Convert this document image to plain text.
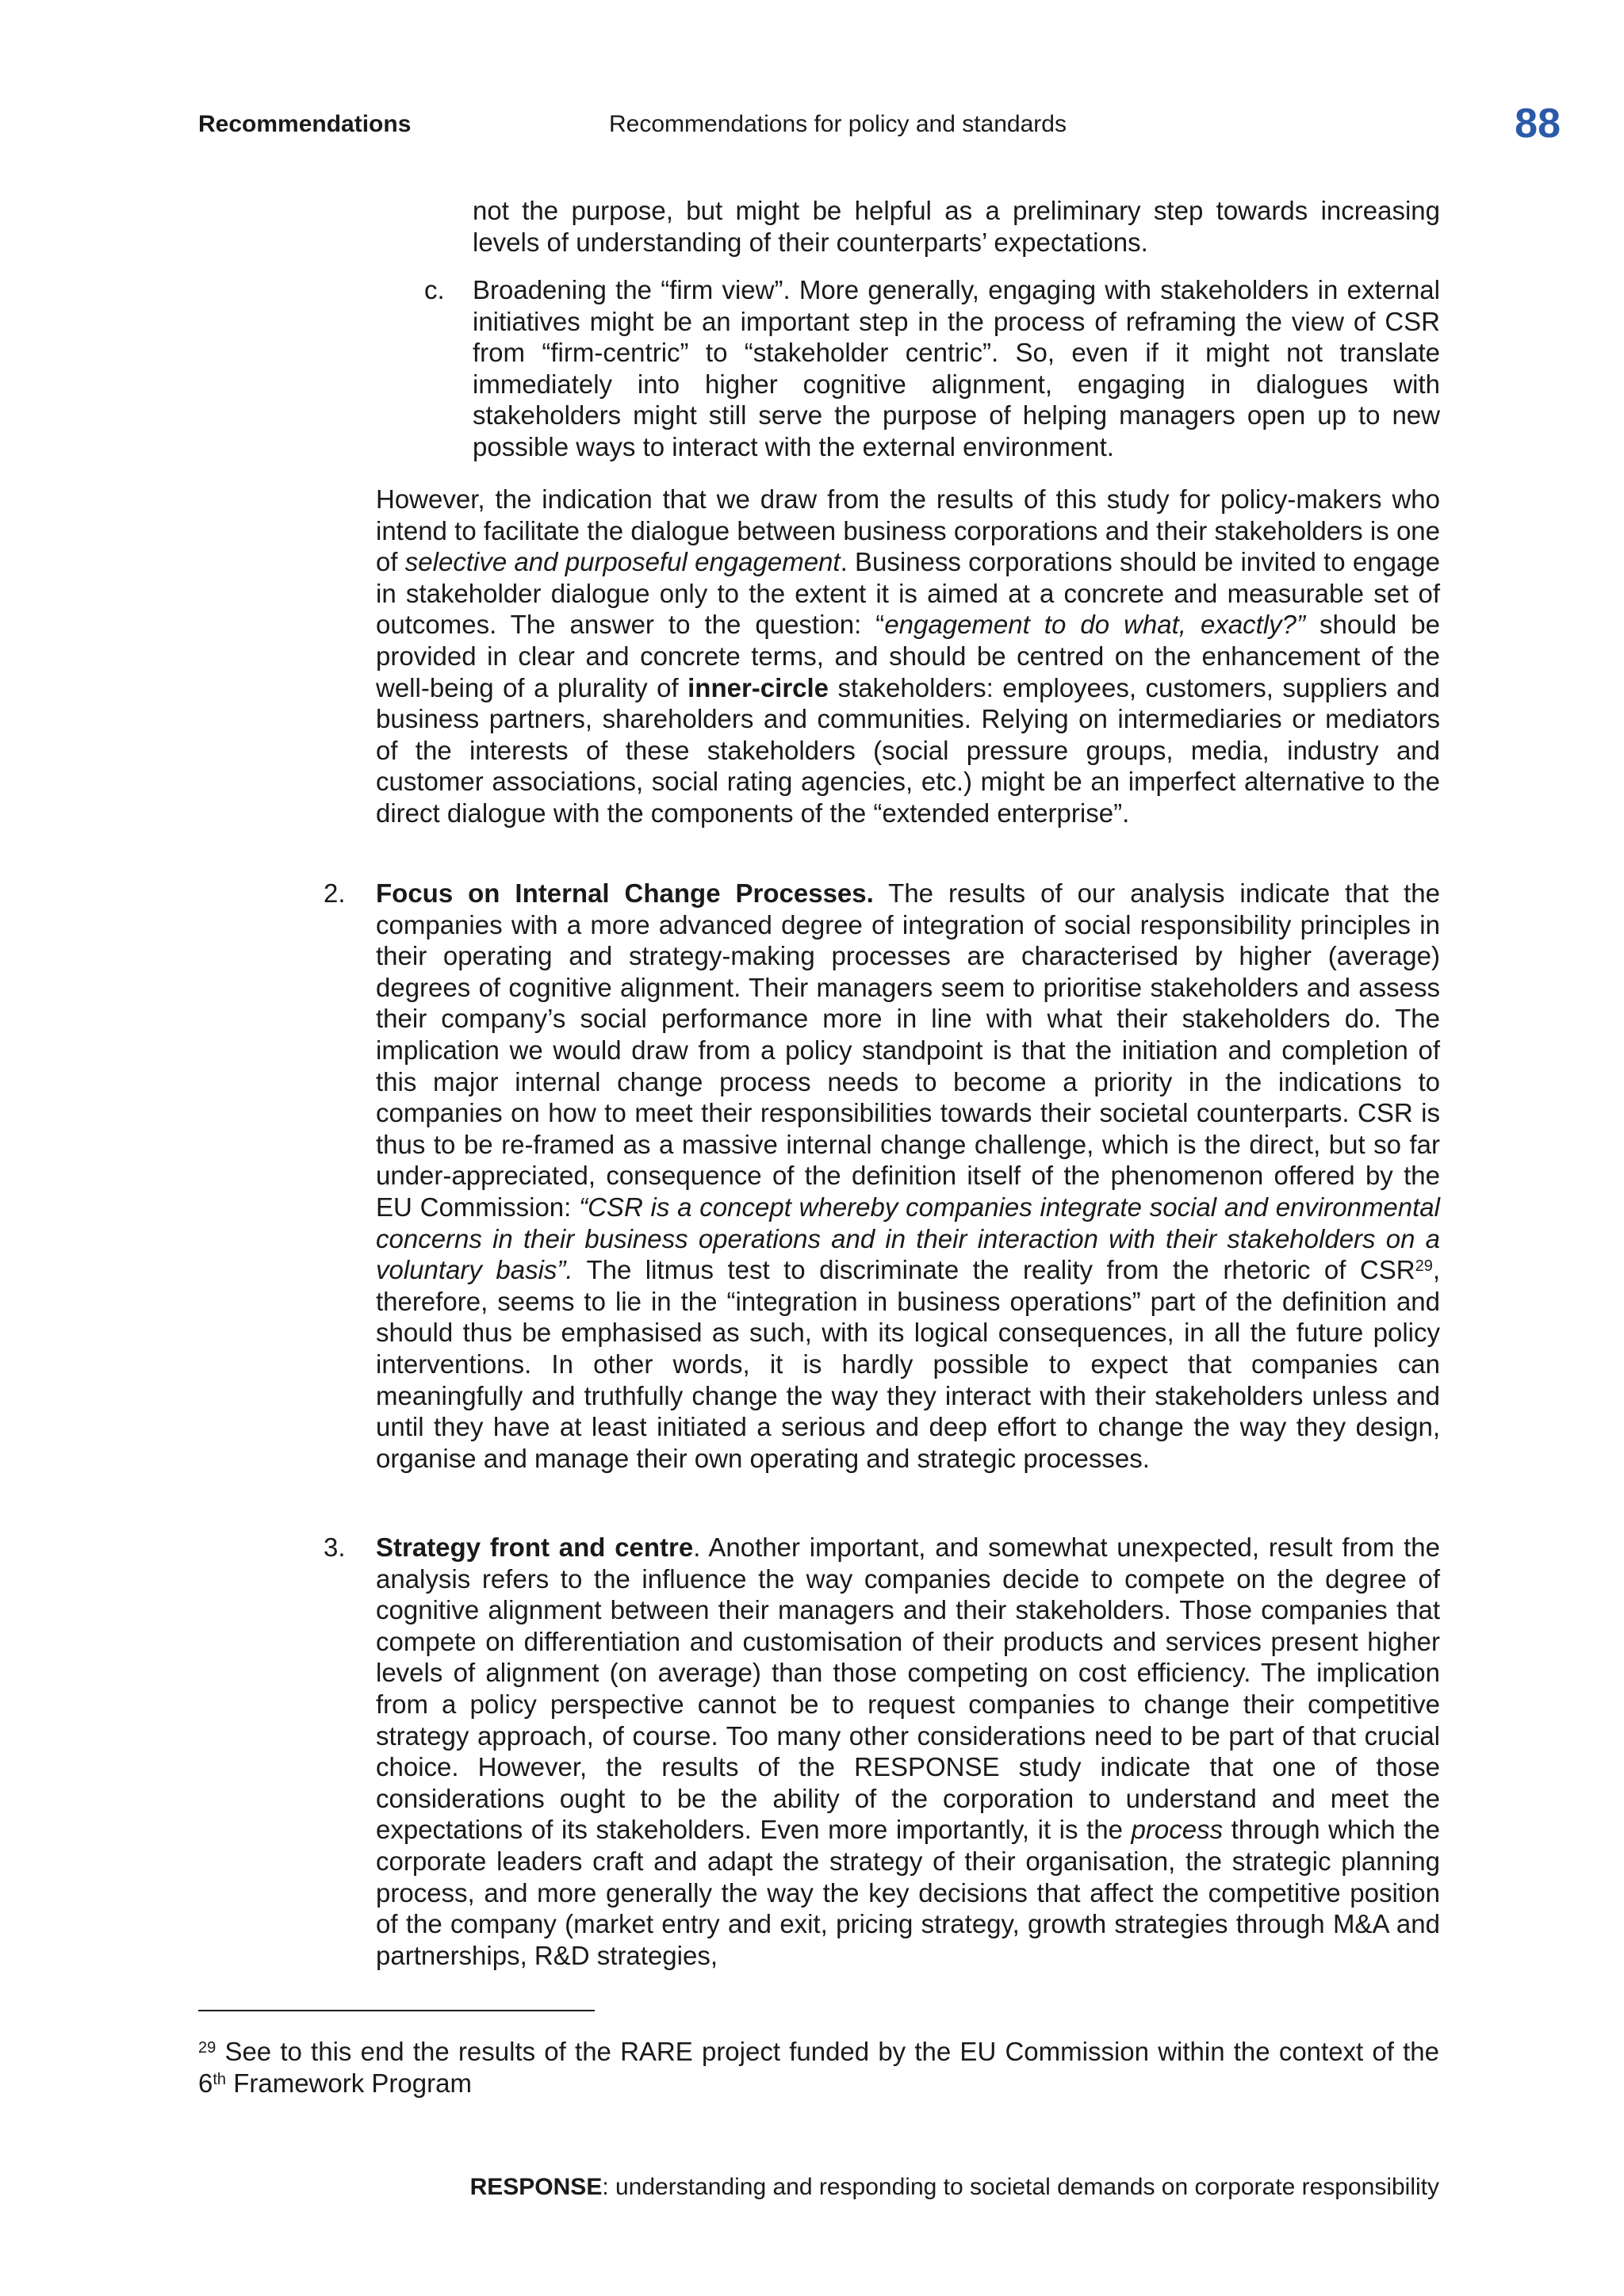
Recommendations	Recommendations for policy and standards	88

not the purpose, but might be helpful as a preliminary step towards increasing levels of understanding of their counterparts’ expectations.

c. Broadening the “firm view”. More generally, engaging with stakeholders in external initiatives might be an important step in the process of reframing the view of CSR from “firm-centric” to “stakeholder centric”. So, even if it might not translate immediately into higher cognitive alignment, engaging in dialogues with stakeholders might still serve the purpose of helping managers open up to new possible ways to interact with the external environment.

However, the indication that we draw from the results of this study for policy-makers who intend to facilitate the dialogue between business corporations and their stakeholders is one of selective and purposeful engagement. Business corporations should be invited to engage in stakeholder dialogue only to the extent it is aimed at a concrete and measurable set of outcomes. The answer to the question: “engagement to do what, exactly?” should be provided in clear and concrete terms, and should be centred on the enhancement of the well-being of a plurality of inner-circle stakeholders: employees, customers, suppliers and business partners, shareholders and communities. Relying on intermediaries or mediators of the interests of these stakeholders (social pressure groups, media, industry and customer associations, social rating agencies, etc.) might be an imperfect alternative to the direct dialogue with the components of the “extended enterprise”.

2. Focus on Internal Change Processes. The results of our analysis indicate that the companies with a more advanced degree of integration of social responsibility principles in their operating and strategy-making processes are characterised by higher (average) degrees of cognitive alignment. Their managers seem to prioritise stakeholders and assess their company’s social performance more in line with what their stakeholders do. The implication we would draw from a policy standpoint is that the initiation and completion of this major internal change process needs to become a priority in the indications to companies on how to meet their responsibilities towards their societal counterparts. CSR is thus to be re-framed as a massive internal change challenge, which is the direct, but so far under-appreciated, consequence of the definition itself of the phenomenon offered by the EU Commission: “CSR is a concept whereby companies integrate social and environmental concerns in their business operations and in their interaction with their stakeholders on a voluntary basis”. The litmus test to discriminate the reality from the rhetoric of CSR$^{29}$, therefore, seems to lie in the “integration in business operations” part of the definition and should thus be emphasised as such, with its logical consequences, in all the future policy interventions. In other words, it is hardly possible to expect that companies can meaningfully and truthfully change the way they interact with their stakeholders unless and until they have at least initiated a serious and deep effort to change the way they design, organise and manage their own operating and strategic processes.

3. Strategy front and centre. Another important, and somewhat unexpected, result from the analysis refers to the influence the way companies decide to compete on the degree of cognitive alignment between their managers and their stakeholders. Those companies that compete on differentiation and customisation of their products and services present higher levels of alignment (on average) than those competing on cost efficiency. The implication from a policy perspective cannot be to request companies to change their competitive strategy approach, of course. Too many other considerations need to be part of that crucial choice. However, the results of the RESPONSE study indicate that one of those considerations ought to be the ability of the corporation to understand and meet the expectations of its stakeholders. Even more importantly, it is the process through which the corporate leaders craft and adapt the strategy of their organisation, the strategic planning process, and more generally the way the key decisions that affect the competitive position of the company (market entry and exit, pricing strategy, growth strategies through M&A and partnerships, R&D strategies,

$^{29}$ See to this end the results of the RARE project funded by the EU Commission within the context of the 6th Framework Program

RESPONSE: understanding and responding to societal demands on corporate responsibility
